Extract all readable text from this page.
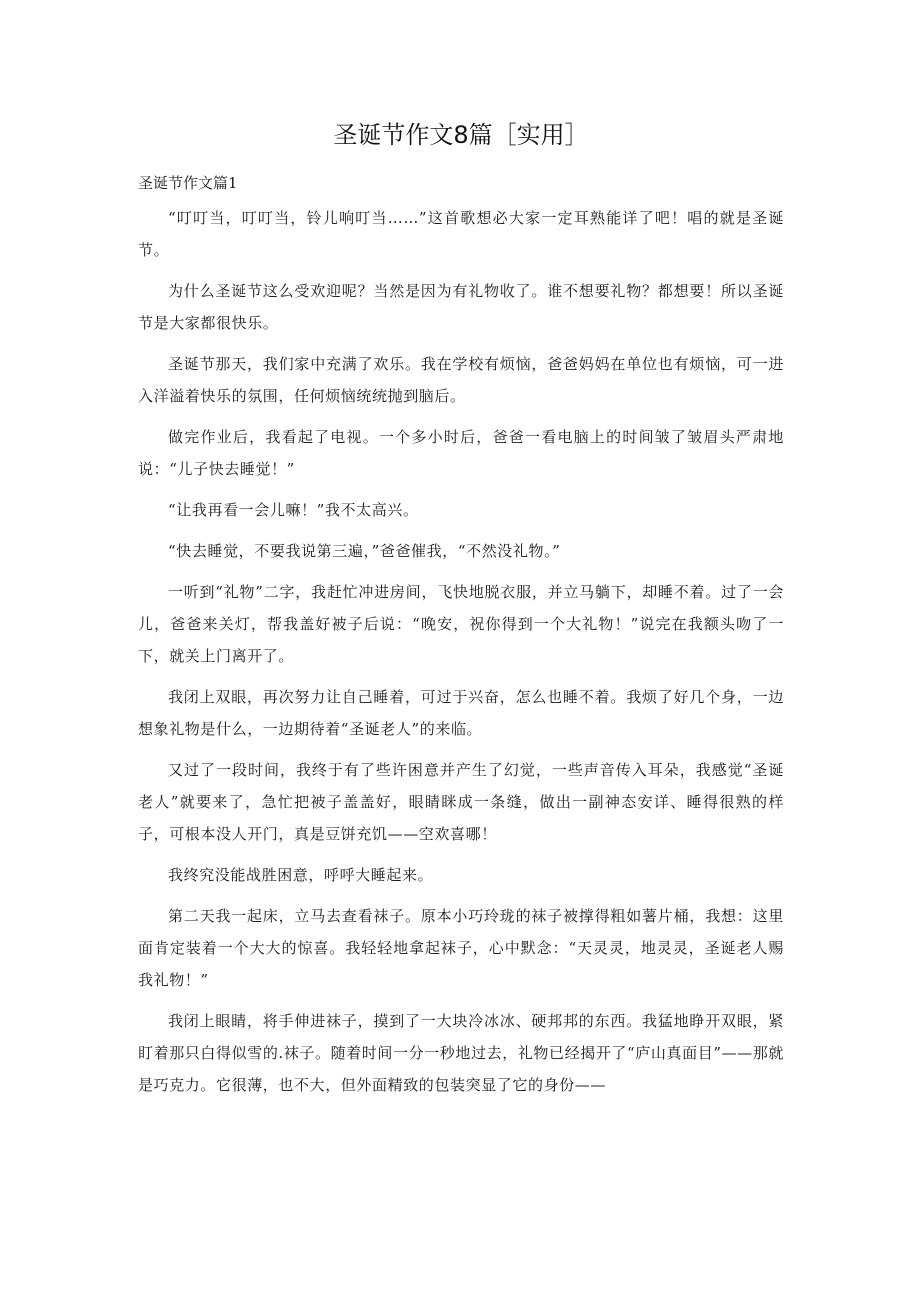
圣诞节作文8篇［实用］
圣诞节作文篇1

“叮叮当，叮叮当，铃儿响叮当……”这首歌想必大家一定耳熟能详了吧！唱的就是圣诞节。

为什么圣诞节这么受欢迎呢？当然是因为有礼物收了。谁不想要礼物？都想要！所以圣诞节是大家都很快乐。

圣诞节那天，我们家中充满了欢乐。我在学校有烦恼，爸爸妈妈在单位也有烦恼，可一进入洋溢着快乐的氛围，任何烦恼统统抛到脑后。

做完作业后，我看起了电视。一个多小时后，爸爸一看电脑上的时间皱了皱眉头严肃地说：“儿子快去睡觉！”

“让我再看一会儿嘛！”我不太高兴。

“快去睡觉，不要我说第三遍，”爸爸催我，“不然没礼物。”

一听到“礼物”二字，我赶忙冲进房间，飞快地脱衣服，并立马躺下，却睡不着。过了一会儿，爸爸来关灯，帮我盖好被子后说：“晚安，祝你得到一个大礼物！”说完在我额头吻了一下，就关上门离开了。

我闭上双眼，再次努力让自己睡着，可过于兴奋，怎么也睡不着。我烦了好几个身，一边想象礼物是什么，一边期待着“圣诞老人”的来临。

又过了一段时间，我终于有了些许困意并产生了幻觉，一些声音传入耳朵，我感觉“圣诞老人”就要来了，急忙把被子盖盖好，眼睛眯成一条缝，做出一副神态安详、睡得很熟的样子，可根本没人开门，真是豆饼充饥——空欢喜哪！

我终究没能战胜困意，呼呼大睡起来。

第二天我一起床，立马去查看袜子。原本小巧玲珑的袜子被撑得粗如薯片桶，我想：这里面肯定装着一个大大的惊喜。我轻轻地拿起袜子，心中默念：“天灵灵，地灵灵，圣诞老人赐我礼物！”

我闭上眼睛，将手伸进袜子，摸到了一大块冷冰冰、硬邦邦的东西。我猛地睁开双眼，紧盯着那只白得似雪的.袜子。随着时间一分一秒地过去，礼物已经揭开了“庐山真面目”——那就是巧克力。它很薄，也不大，但外面精致的包装突显了它的身份——
